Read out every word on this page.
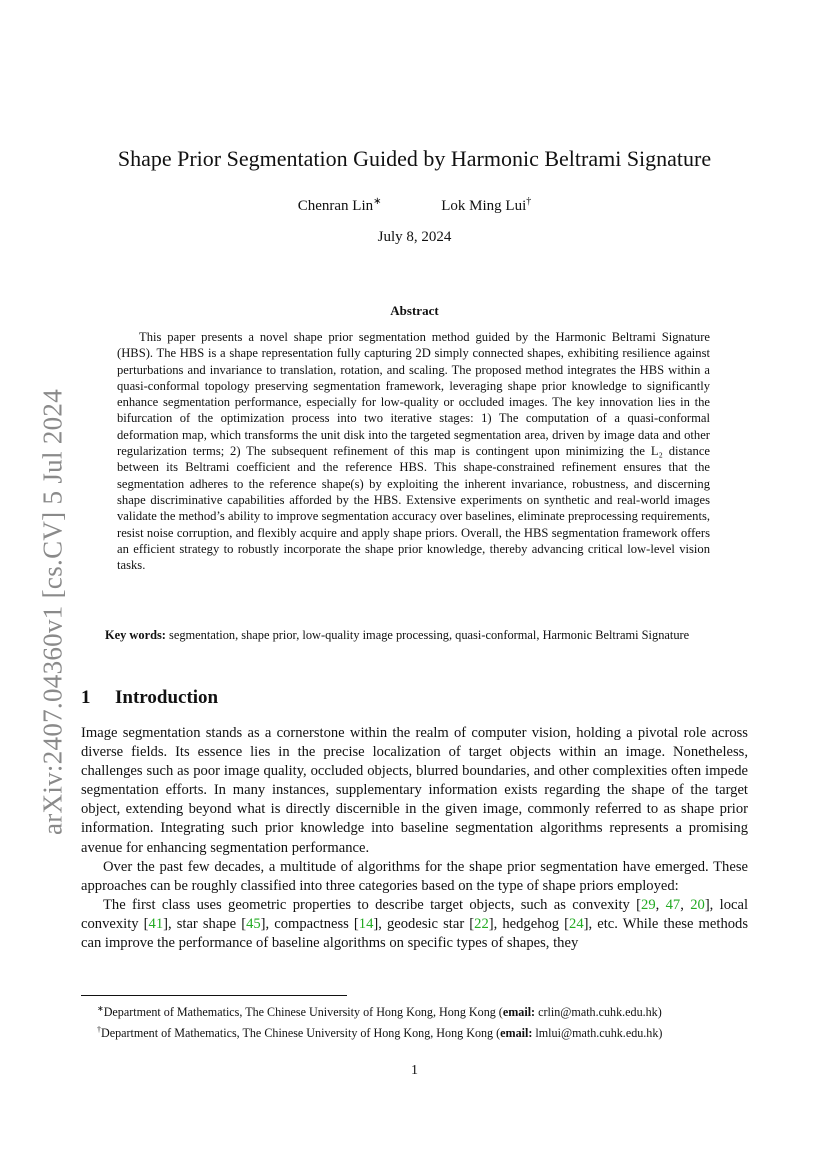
arXiv:2407.04360v1 [cs.CV] 5 Jul 2024
Shape Prior Segmentation Guided by Harmonic Beltrami Signature
Chenran Lin∗	Lok Ming Lui†
July 8, 2024
Abstract

This paper presents a novel shape prior segmentation method guided by the Harmonic Beltrami Signature (HBS). The HBS is a shape representation fully capturing 2D simply connected shapes, exhibiting resilience against perturbations and invariance to translation, rotation, and scaling. The proposed method integrates the HBS within a quasi-conformal topology preserving segmentation framework, leveraging shape prior knowledge to significantly enhance segmentation performance, especially for low-quality or occluded images. The key innovation lies in the bifurcation of the optimization process into two iterative stages: 1) The computation of a quasi-conformal deformation map, which transforms the unit disk into the targeted segmentation area, driven by image data and other regularization terms; 2) The subsequent refinement of this map is contingent upon minimizing the L₂ distance between its Beltrami coefficient and the reference HBS. This shape-constrained refinement ensures that the segmentation adheres to the reference shape(s) by exploiting the inherent invariance, robustness, and discerning shape discriminative capabilities afforded by the HBS. Extensive experiments on synthetic and real-world images validate the method’s ability to improve segmentation accuracy over baselines, eliminate preprocessing requirements, resist noise corruption, and flexibly acquire and apply shape priors. Overall, the HBS segmentation framework offers an efficient strategy to robustly incorporate the shape prior knowledge, thereby advancing critical low-level vision tasks.

Key words: segmentation, shape prior, low-quality image processing, quasi-conformal, Harmonic Beltrami Signature

1 Introduction

Image segmentation stands as a cornerstone within the realm of computer vision, holding a pivotal role across diverse fields. Its essence lies in the precise localization of target objects within an image. Nonetheless, challenges such as poor image quality, occluded objects, blurred boundaries, and other complexities often impede segmentation efforts. In many instances, supplementary information exists regarding the shape of the target object, extending beyond what is directly discernible in the given image, commonly referred to as shape prior information. Integrating such prior knowledge into baseline segmentation algorithms represents a promising avenue for enhancing segmentation performance.

Over the past few decades, a multitude of algorithms for the shape prior segmentation have emerged. These approaches can be roughly classified into three categories based on the type of shape priors employed:

The first class uses geometric properties to describe target objects, such as convexity [29, 47, 20], local convexity [41], star shape [45], compactness [14], geodesic star [22], hedgehog [24], etc. While these methods can improve the performance of baseline algorithms on specific types of shapes, they

∗Department of Mathematics, The Chinese University of Hong Kong, Hong Kong (email: crlin@math.cuhk.edu.hk)

†Department of Mathematics, The Chinese University of Hong Kong, Hong Kong (email: lmlui@math.cuhk.edu.hk)

1
